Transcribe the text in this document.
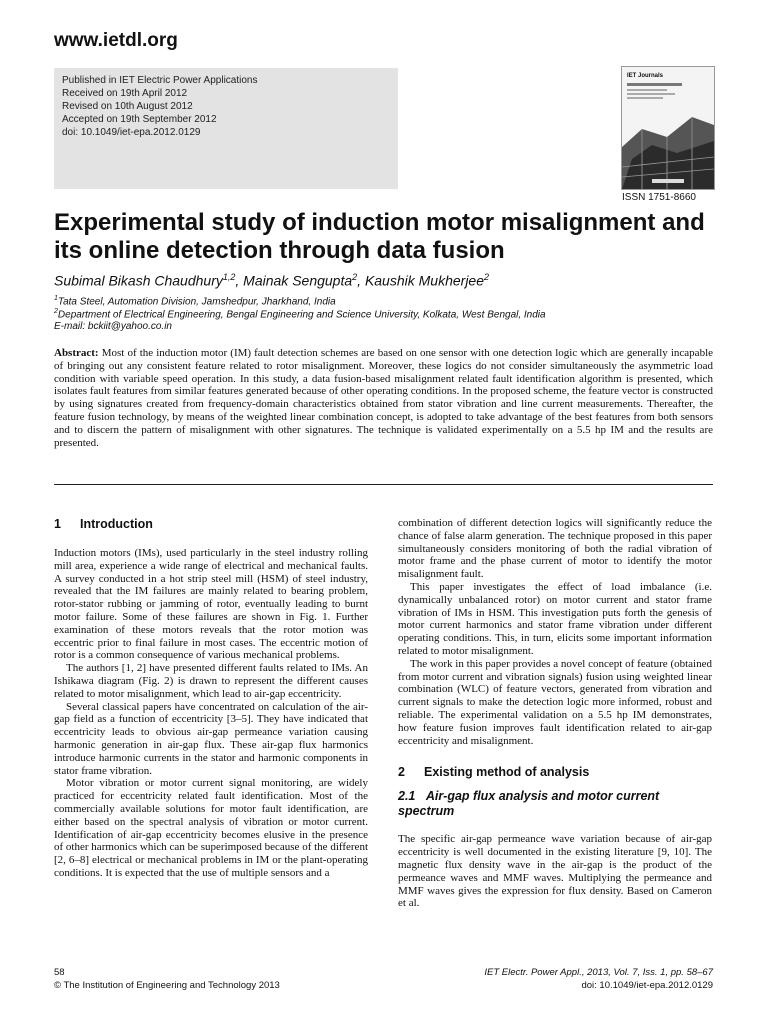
www.ietdl.org
Published in IET Electric Power Applications
Received on 19th April 2012
Revised on 10th August 2012
Accepted on 19th September 2012
doi: 10.1049/iet-epa.2012.0129
IET Journals
ISSN 1751-8660
Experimental study of induction motor misalignment and its online detection through data fusion
Subimal Bikash Chaudhury$^{1,2}$, Mainak Sengupta$^2$, Kaushik Mukherjee$^2$
$^1$Tata Steel, Automation Division, Jamshedpur, Jharkhand, India
$^2$Department of Electrical Engineering, Bengal Engineering and Science University, Kolkata, West Bengal, India
E-mail: bckiit@yahoo.co.in

Abstract: Most of the induction motor (IM) fault detection schemes are based on one sensor with one detection logic which are generally incapable of bringing out any consistent feature related to rotor misalignment. Moreover, these logics do not consider simultaneously the asymmetric load condition with variable speed operation. In this study, a data fusion-based misalignment related fault identification algorithm is presented, which isolates fault features from similar features generated because of other operating conditions. In the proposed scheme, the feature vector is constructed by using signatures created from frequency-domain characteristics obtained from stator vibration and line current measurements. Thereafter, the feature fusion technology, by means of the weighted linear combination concept, is adopted to take advantage of the best features from both sensors and to discern the pattern of misalignment with other signatures. The technique is validated experimentally on a 5.5 hp IM and the results are presented.

1 Introduction

Induction motors (IMs), used particularly in the steel industry rolling mill area, experience a wide range of electrical and mechanical faults. A survey conducted in a hot strip steel mill (HSM) of steel industry, revealed that the IM failures are mainly related to bearing problem, rotor-stator rubbing or jamming of rotor, eventually leading to burnt motor failure. Some of these failures are shown in Fig. 1. Further examination of these motors reveals that the rotor motion was eccentric prior to final failure in most cases. The eccentric motion of rotor is a common consequence of various mechanical problems.

The authors [1, 2] have presented different faults related to IMs. An Ishikawa diagram (Fig. 2) is drawn to represent the different causes related to motor misalignment, which lead to air-gap eccentricity.

Several classical papers have concentrated on calculation of the air-gap field as a function of eccentricity [3–5]. They have indicated that eccentricity leads to obvious air-gap permeance variation causing harmonic generation in air-gap flux. These air-gap flux harmonics introduce harmonic currents in the stator and harmonic components in stator frame vibration.

Motor vibration or motor current signal monitoring, are widely practiced for eccentricity related fault identification. Most of the commercially available solutions for motor fault identification, are either based on the spectral analysis of vibration or motor current. Identification of air-gap eccentricity becomes elusive in the presence of other harmonics which can be superimposed because of the different [2, 6–8] electrical or mechanical problems in IM or the plant-operating conditions. It is expected that the use of multiple sensors and a

combination of different detection logics will significantly reduce the chance of false alarm generation. The technique proposed in this paper simultaneously considers monitoring of both the radial vibration of motor frame and the phase current of motor to identify the motor misalignment fault.

This paper investigates the effect of load imbalance (i.e. dynamically unbalanced rotor) on motor current and stator frame vibration of IMs in HSM. This investigation puts forth the genesis of motor current harmonics and stator frame vibration under different operating conditions. This, in turn, elicits some important information related to motor misalignment.

The work in this paper provides a novel concept of feature (obtained from motor current and vibration signals) fusion using weighted linear combination (WLC) of feature vectors, generated from vibration and current signals to make the detection logic more informed, robust and reliable. The experimental validation on a 5.5 hp IM demonstrates, how feature fusion improves fault identification related to air-gap eccentricity and misalignment.

2 Existing method of analysis
2.1 Air-gap flux analysis and motor current spectrum

The specific air-gap permeance wave variation because of air-gap eccentricity is well documented in the existing literature [9, 10]. The magnetic flux density wave in the air-gap is the product of the permeance waves and MMF waves. Multiplying the permeance and MMF waves gives the expression for flux density. Based on Cameron et al.

58
© The Institution of Engineering and Technology 2013
IET Electr. Power Appl., 2013, Vol. 7, Iss. 1, pp. 58–67
doi: 10.1049/iet-epa.2012.0129
